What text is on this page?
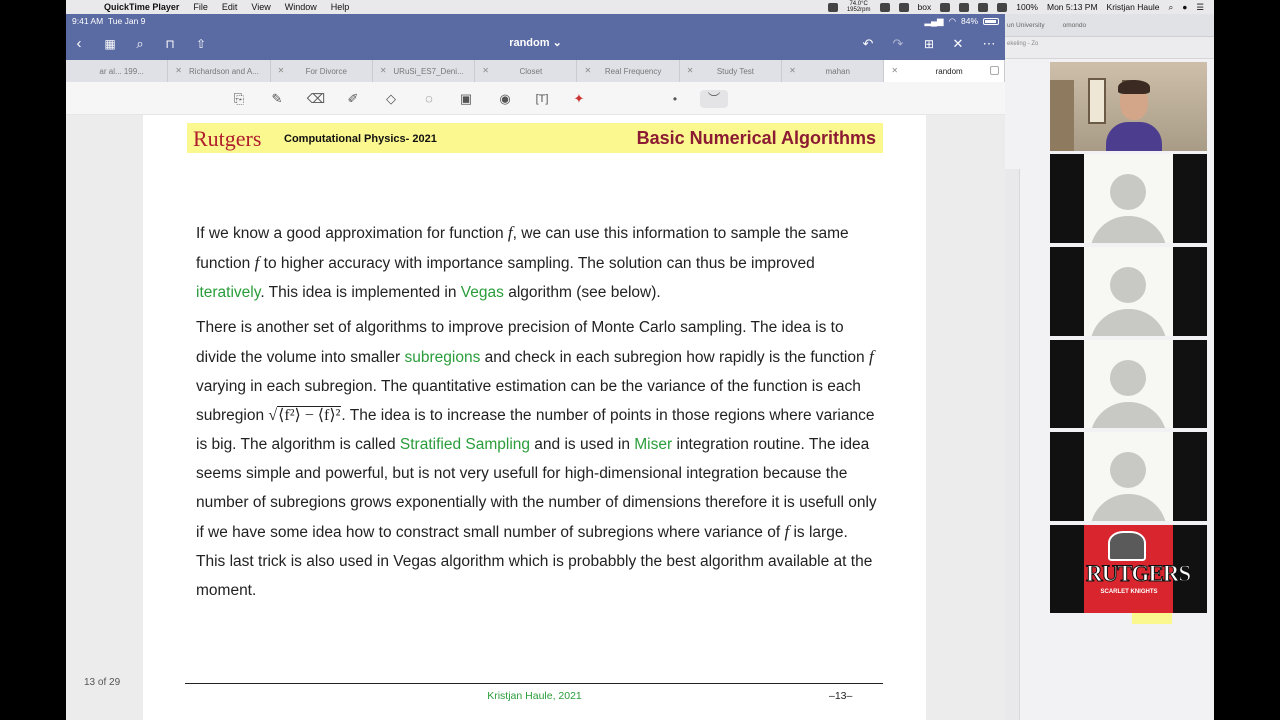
QuickTime Player File Edit View Window Help	74.0°C
1952rpm	box	100% Mon 5:13 PM Kristjan Haule ⌕ ● ☰
9:41 AM
Tue Jan 9	▂▄▆ ◠ 84%
‹	▦	⌕	⊓	⇧	random ⌄	↶	↷	⊞	✕	⋯
ar al... 199...	✕ Richardson and A... ✕	For Divorce	✕ URuSi_ES7_Deni... ✕	Closet	✕ Real Frequency	✕	Study Test	✕	mahan	✕	random
⎘	✎	⌫	✐	◇	◌	▣	◉	[T]	✦	•	︶
13 of 29
Rutgers Computational Physics- 2021	Basic Numerical Algorithms
If we know a good approximation for function f, we can use this information to sample the same function f to higher accuracy with importance sampling. The solution can thus be improved iteratively. This idea is implemented in Vegas algorithm (see below).
There is another set of algorithms to improve precision of Monte Carlo sampling. The idea is to divide the volume into smaller subregions and check in each subregion how rapidly is the function f varying in each subregion. The quantitative estimation can be the variance of the function is each subregion √⟨f²⟩ − ⟨f⟩². The idea is to increase the number of points in those regions where variance is big. The algorithm is called Stratified Sampling and is used in Miser integration routine. The idea seems simple and powerful, but is not very usefull for high-dimensional integration because the number of subregions grows exponentially with the number of dimensions therefore it is usefull only if we have some idea how to constract small number of subregions where variance of f is large. This last trick is also used in Vegas algorithm which is probabbly the best algorithm available at the moment.
Kristjan Haule, 2021	–13–
un University	omondo
ekeling - Zo
RUTGERS
SCARLET KNIGHTS
